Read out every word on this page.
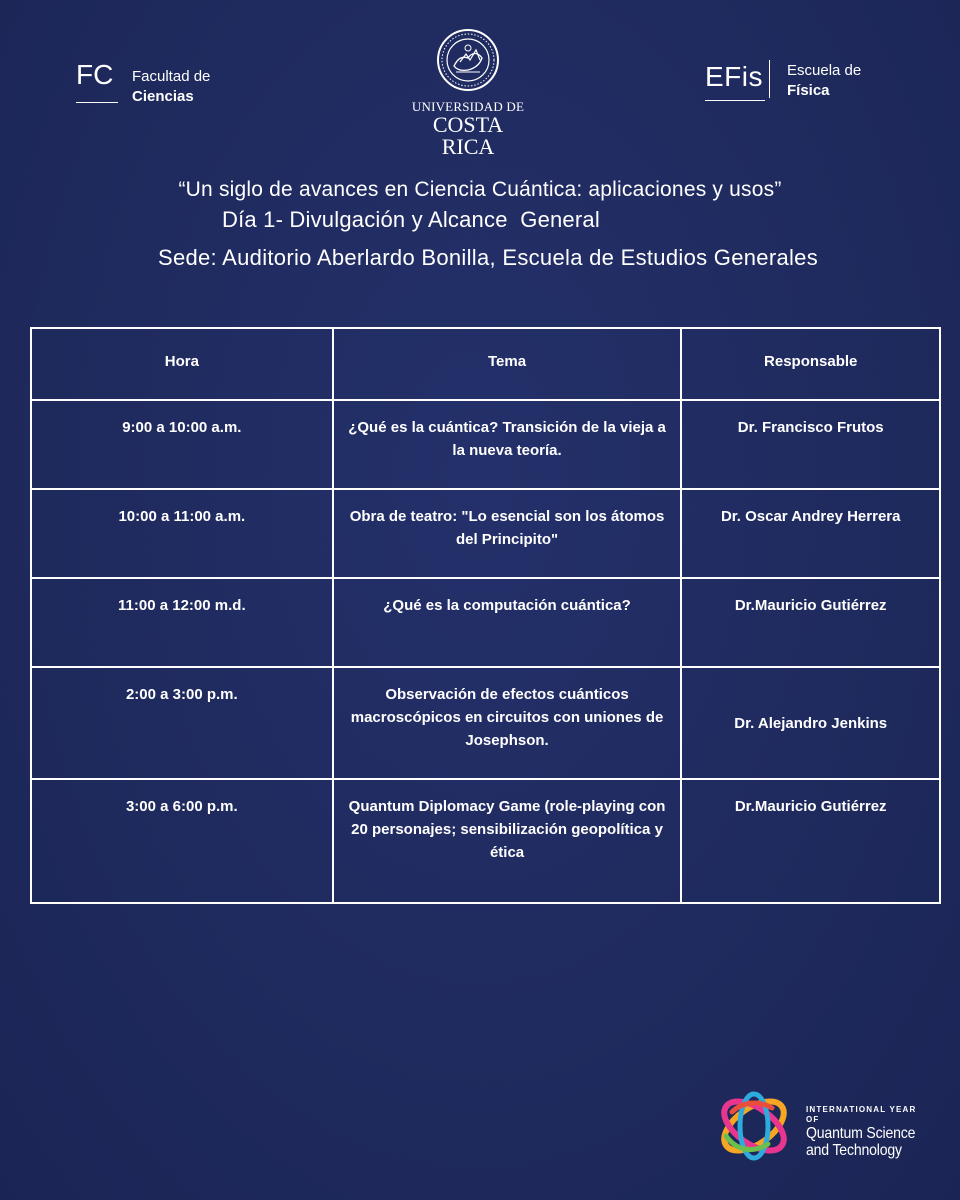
FC	Facultad de
Ciencias
UNIVERSIDAD DE
COSTA RICA
EFis	Escuela de
Física
“Un siglo de avances en Ciencia Cuántica: aplicaciones y usos”
Día 1- Divulgación y Alcance  General
Sede: Auditorio Aberlardo Bonilla, Escuela de Estudios Generales
Hora	Tema	Responsable
9:00 a 10:00 a.m.	¿Qué es la cuántica? Transición de la vieja a la nueva teoría.	Dr. Francisco Frutos
10:00 a 11:00 a.m.	Obra de teatro: "Lo esencial son los átomos del Principito"	Dr. Oscar Andrey Herrera
11:00 a 12:00 m.d.	¿Qué es la computación cuántica?	Dr.Mauricio Gutiérrez
2:00 a 3:00 p.m.	Observación de efectos cuánticos macroscópicos en circuitos con uniones de Josephson.	Dr. Alejandro Jenkins
3:00 a 6:00 p.m.	Quantum Diplomacy Game (role-playing con 20 personajes; sensibilización geopolítica y ética	Dr.Mauricio Gutiérrez
INTERNATIONAL YEAR OF
Quantum Science
and Technology
